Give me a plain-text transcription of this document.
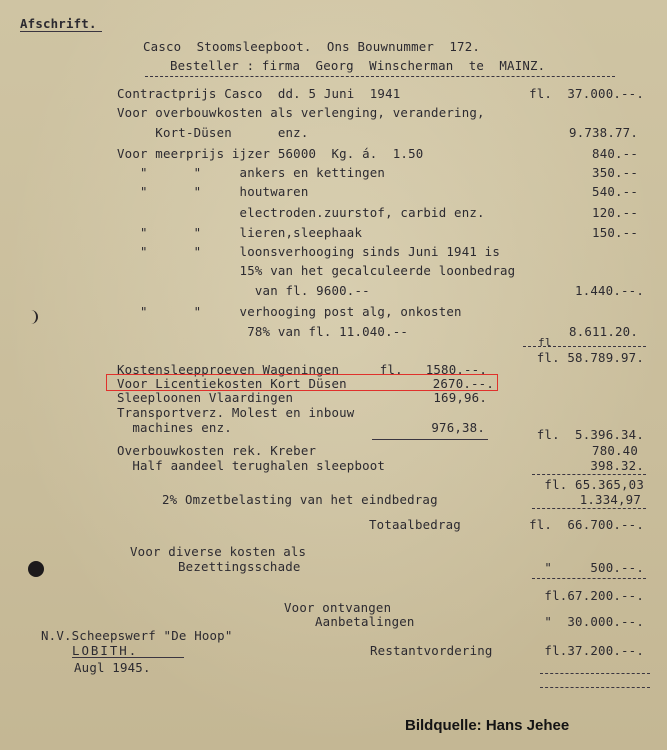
Afschrift.
Casco  Stoomsleepboot.  Ons Bouwnummer  172.
Besteller : firma  Georg  Winscherman  te  MAINZ.
Contractprijs Casco  dd. 5 Juni  1941	fl.  37.000.--.
Voor overbouwkosten als verlenging, verandering,
Kort-Düsen      enz.	9.738.77.
Voor meerprijs ijzer 56000  Kg. á.  1.50	840.--
"      "     ankers en kettingen	350.--
"      "     houtwaren	540.--
electroden.zuurstof, carbid enz.	120.--
"      "     lieren,sleephaak	150.--
"      "     loonsverhooging sinds Juni 1941 is
15% van het gecalculeerde loonbedrag
van fl. 9600.--	1.440.--.
"      "     verhooging post alg, onkosten
78% van fl. 11.040.--	8.611.20.
fl
fl. 58.789.97.
Kostensleepproeven Wageningen	fl.   1580.--.
Voor Licentiekosten Kort Düsen	2670.--.
Sleeploonen Vlaardingen	169,96.
Transportverz. Molest en inbouw
machines enz.	976,38.	fl.  5.396.34.
Overbouwkosten rek. Kreber	780.40
Half aandeel terughalen sleepboot	398.32.
fl. 65.365,03
2% Omzetbelasting van het eindbedrag	1.334,97
Totaalbedrag	fl.  66.700.--.
Voor diverse kosten als
Bezettingsschade	"     500.--.
fl.67.200.--.
Voor ontvangen
Aanbetalingen	"  30.000.--.
N.V.Scheepswerf "De Hoop"
LOBITH.
Augl 1945.
Restantvordering	fl.37.200.--.
Bildquelle: Hans Jehee
